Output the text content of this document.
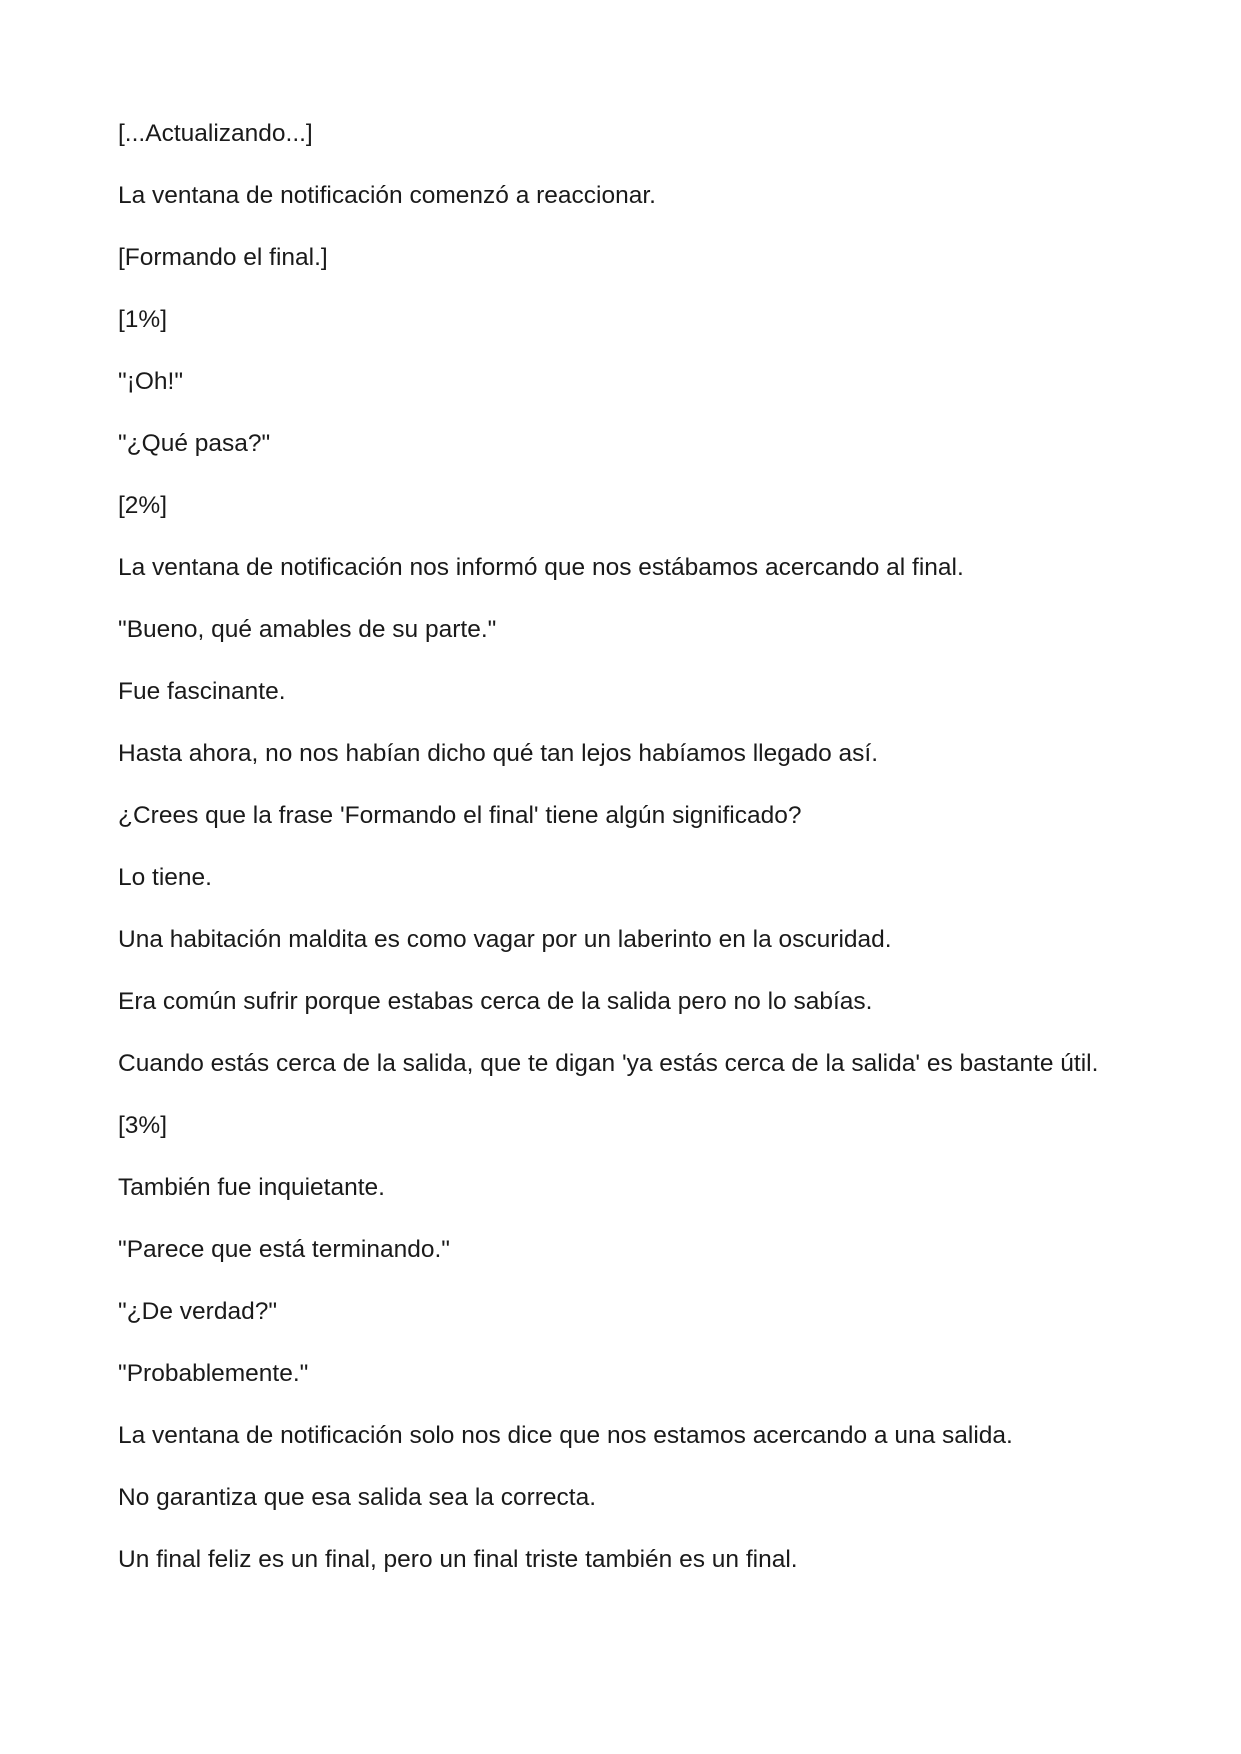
[...Actualizando...]

La ventana de notificación comenzó a reaccionar.

[Formando el final.]

[1%]

"¡Oh!"

"¿Qué pasa?"

[2%]

La ventana de notificación nos informó que nos estábamos acercando al final.

"Bueno, qué amables de su parte."

Fue fascinante.

Hasta ahora, no nos habían dicho qué tan lejos habíamos llegado así.

¿Crees que la frase 'Formando el final' tiene algún significado?

Lo tiene.

Una habitación maldita es como vagar por un laberinto en la oscuridad.

Era común sufrir porque estabas cerca de la salida pero no lo sabías.

Cuando estás cerca de la salida, que te digan 'ya estás cerca de la salida' es bastante útil.

[3%]

También fue inquietante.

"Parece que está terminando."

"¿De verdad?"

"Probablemente."

La ventana de notificación solo nos dice que nos estamos acercando a una salida.

No garantiza que esa salida sea la correcta.

Un final feliz es un final, pero un final triste también es un final.
